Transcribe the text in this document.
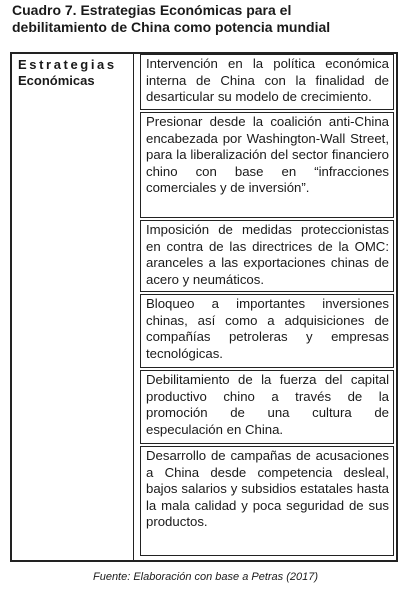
Cuadro 7. Estrategias Económicas para el
debilitamiento de China como potencia mundial
Estrategias
Económicas
Intervención en la política económica interna de China con la finalidad de desarticular su modelo de crecimiento.
Presionar desde la coalición anti-China encabezada por Washington-Wall Street, para la liberalización del sector financiero chino con base en “infracciones comerciales y de inversión”.
Imposición de medidas proteccionistas en contra de las directrices de la OMC: aranceles a las exportaciones chinas de acero y neumáticos.
Bloqueo a importantes inversiones chinas, así como a adquisiciones de compañías petroleras y empresas tecnológicas.
Debilitamiento de la fuerza del capital productivo chino a través de la promoción de una cultura de especulación en China.
Desarrollo de campañas de acusaciones a China desde competencia desleal, bajos salarios y subsidios estatales hasta la mala calidad y poca seguridad de sus productos.
Fuente: Elaboración con base a Petras (2017)
